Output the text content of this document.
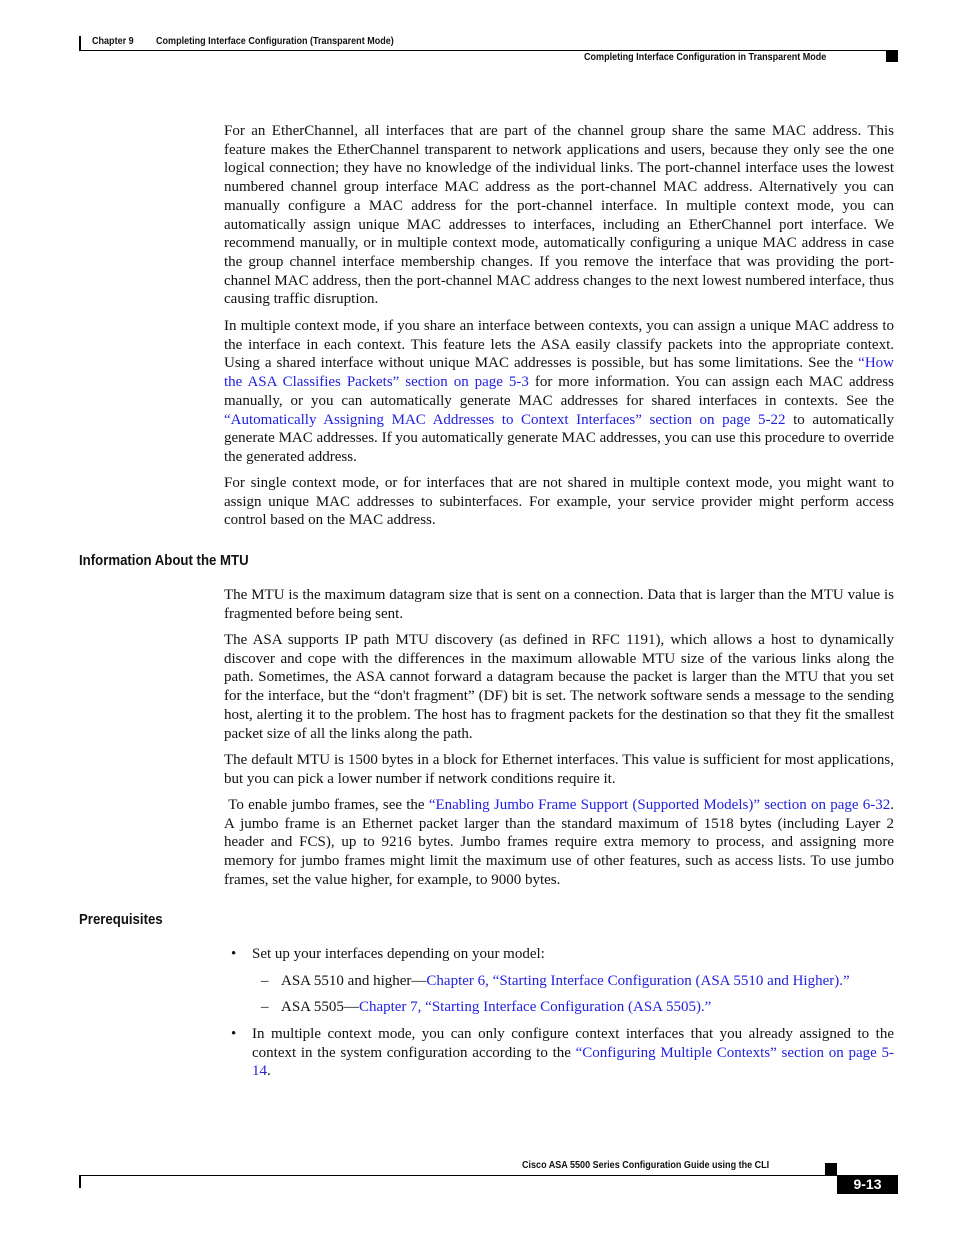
Chapter 9 Completing Interface Configuration (Transparent Mode)
Completing Interface Configuration in Transparent Mode

For an EtherChannel, all interfaces that are part of the channel group share the same MAC address. This feature makes the EtherChannel transparent to network applications and users, because they only see the one logical connection; they have no knowledge of the individual links. The port-channel interface uses the lowest numbered channel group interface MAC address as the port-channel MAC address. Alternatively you can manually configure a MAC address for the port-channel interface. In multiple context mode, you can automatically assign unique MAC addresses to interfaces, including an EtherChannel port interface. We recommend manually, or in multiple context mode, automatically configuring a unique MAC address in case the group channel interface membership changes. If you remove the interface that was providing the port-channel MAC address, then the port-channel MAC address changes to the next lowest numbered interface, thus causing traffic disruption.

In multiple context mode, if you share an interface between contexts, you can assign a unique MAC address to the interface in each context. This feature lets the ASA easily classify packets into the appropriate context. Using a shared interface without unique MAC addresses is possible, but has some limitations. See the “How the ASA Classifies Packets” section on page 5-3 for more information. You can assign each MAC address manually, or you can automatically generate MAC addresses for shared interfaces in contexts. See the “Automatically Assigning MAC Addresses to Context Interfaces” section on page 5-22 to automatically generate MAC addresses. If you automatically generate MAC addresses, you can use this procedure to override the generated address.

For single context mode, or for interfaces that are not shared in multiple context mode, you might want to assign unique MAC addresses to subinterfaces. For example, your service provider might perform access control based on the MAC address.

Information About the MTU

The MTU is the maximum datagram size that is sent on a connection. Data that is larger than the MTU value is fragmented before being sent.

The ASA supports IP path MTU discovery (as defined in RFC 1191), which allows a host to dynamically discover and cope with the differences in the maximum allowable MTU size of the various links along the path. Sometimes, the ASA cannot forward a datagram because the packet is larger than the MTU that you set for the interface, but the “don't fragment” (DF) bit is set. The network software sends a message to the sending host, alerting it to the problem. The host has to fragment packets for the destination so that they fit the smallest packet size of all the links along the path.

The default MTU is 1500 bytes in a block for Ethernet interfaces. This value is sufficient for most applications, but you can pick a lower number if network conditions require it.

To enable jumbo frames, see the “Enabling Jumbo Frame Support (Supported Models)” section on page 6-32. A jumbo frame is an Ethernet packet larger than the standard maximum of 1518 bytes (including Layer 2 header and FCS), up to 9216 bytes. Jumbo frames require extra memory to process, and assigning more memory for jumbo frames might limit the maximum use of other features, such as access lists. To use jumbo frames, set the value higher, for example, to 9000 bytes.

Prerequisites
• Set up your interfaces depending on your model:
– ASA 5510 and higher—Chapter 6, “Starting Interface Configuration (ASA 5510 and Higher).”
– ASA 5505—Chapter 7, “Starting Interface Configuration (ASA 5505).”
• In multiple context mode, you can only configure context interfaces that you already assigned to the context in the system configuration according to the “Configuring Multiple Contexts” section on page 5-14.
Cisco ASA 5500 Series Configuration Guide using the CLI
9-13
